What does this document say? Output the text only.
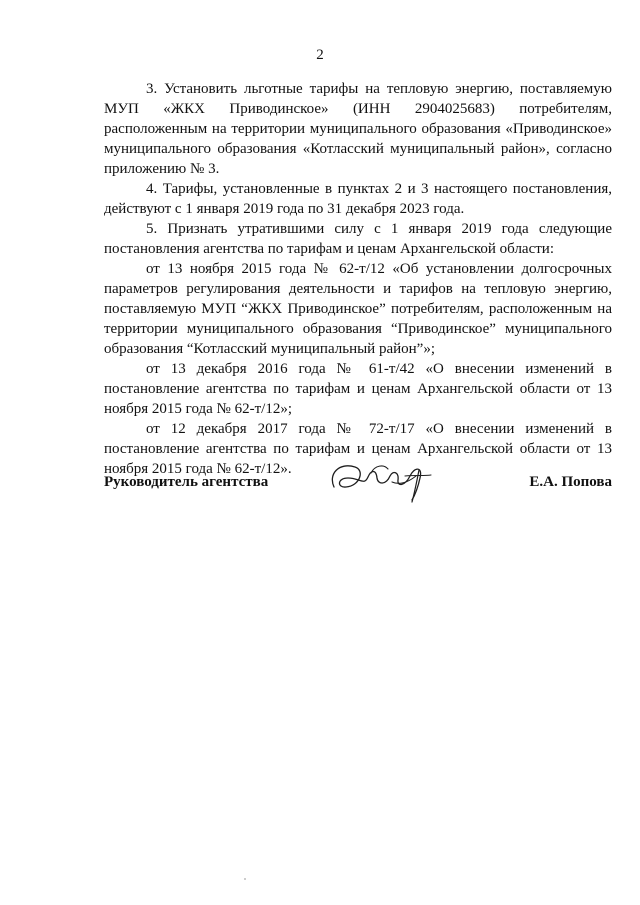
2

3. Установить льготные тарифы на тепловую энергию, поставляемую МУП «ЖКХ Приводинское» (ИНН 2904025683) потребителям, расположенным на территории муниципального образования «Приводинское» муниципального образования «Котласский муниципальный район», согласно приложению № 3.

4. Тарифы, установленные в пунктах 2 и 3 настоящего постановления, действуют с 1 января 2019 года по 31 декабря 2023 года.

5. Признать утратившими силу с 1 января 2019 года следующие постановления агентства по тарифам и ценам Архангельской области:

от 13 ноября 2015 года № 62-т/12 «Об установлении долгосрочных параметров регулирования деятельности и тарифов на тепловую энергию, поставляемую МУП “ЖКХ Приводинское” потребителям, расположенным на территории муниципального образования “Приводинское” муниципального образования “Котласский муниципальный район”»;

от 13 декабря 2016 года № 61-т/42 «О внесении изменений в постановление агентства по тарифам и ценам Архангельской области от 13 ноября 2015 года № 62-т/12»;

от 12 декабря 2017 года № 72-т/17 «О внесении изменений в постановление агентства по тарифам и ценам Архангельской области от 13 ноября 2015 года № 62-т/12».

Руководитель агентства	Е.А. Попова
